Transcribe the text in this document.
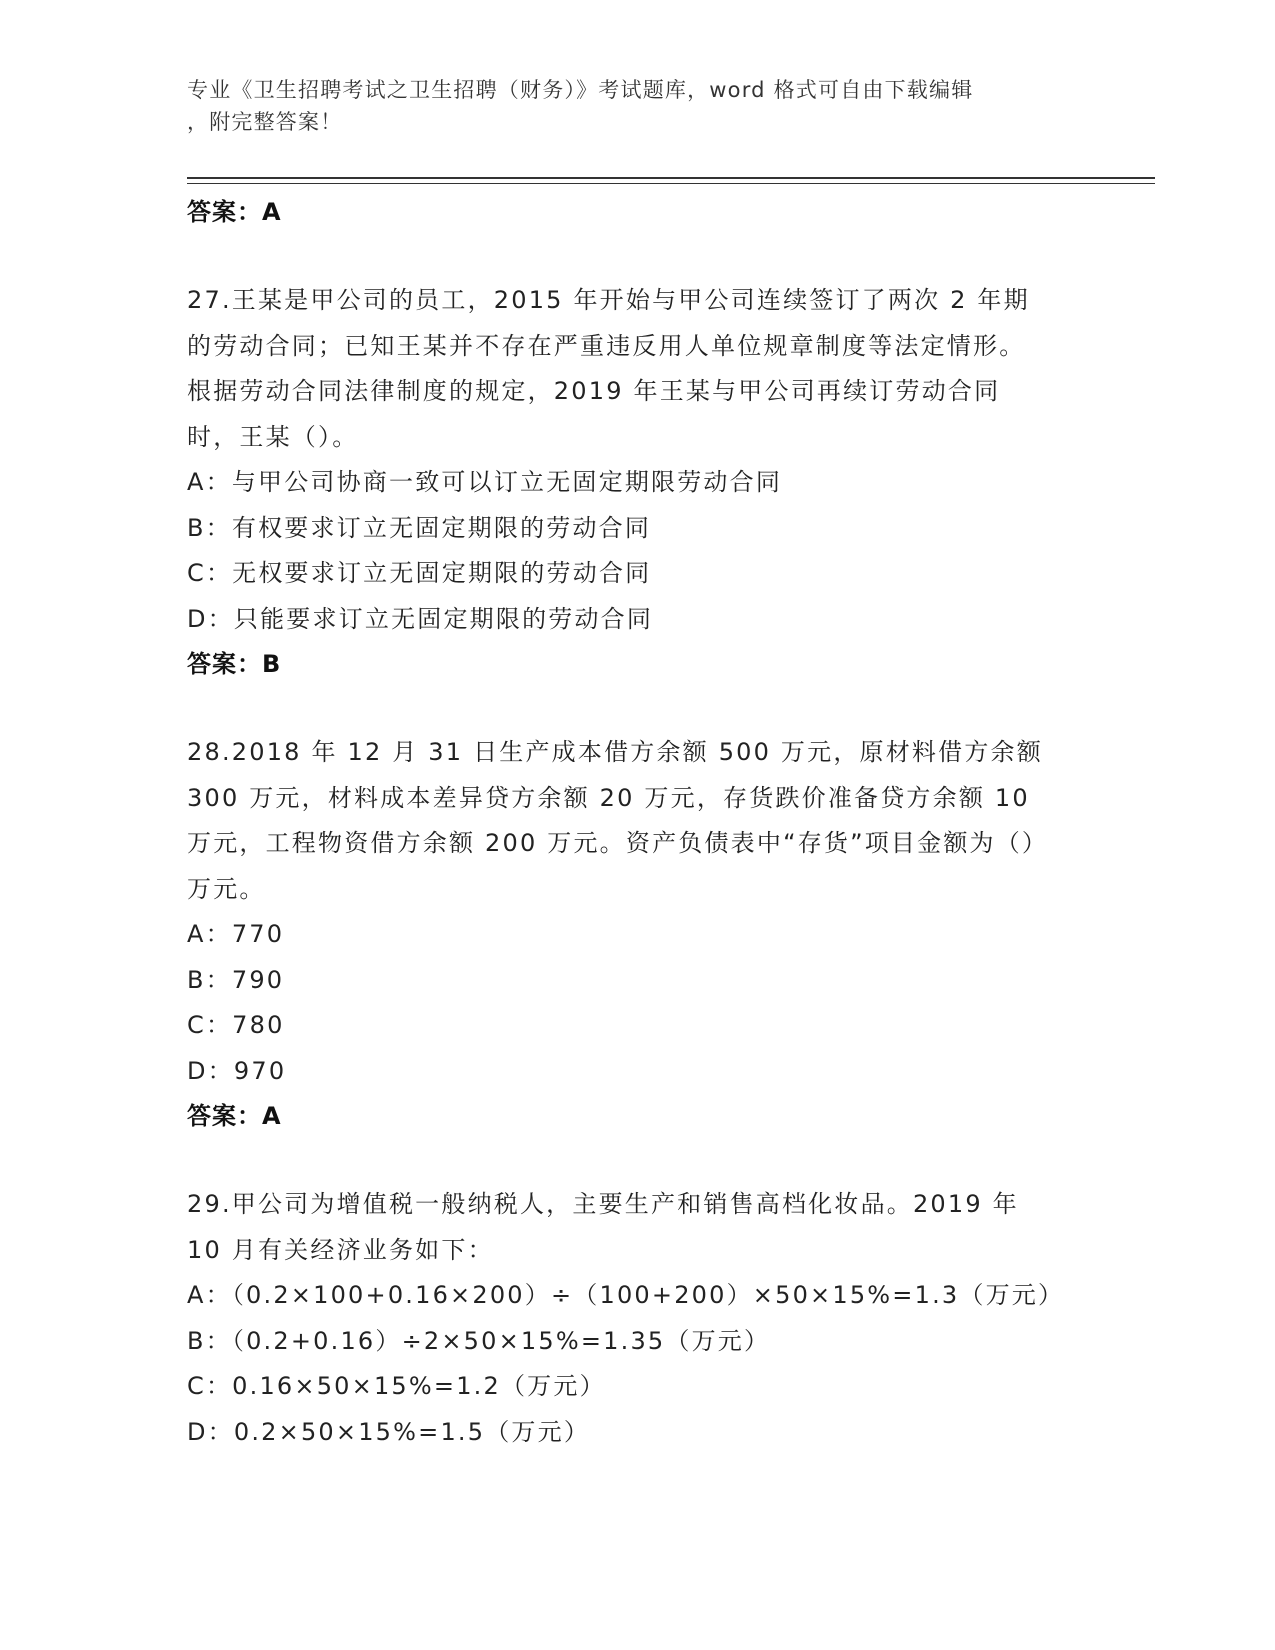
专业《卫生招聘考试之卫生招聘（财务）》考试题库，word 格式可自由下载编辑
，附完整答案！
答案：A
27.王某是甲公司的员工，2015 年开始与甲公司连续签订了两次 2 年期的劳动合同；已知王某并不存在严重违反用人单位规章制度等法定情形。根据劳动合同法律制度的规定，2019 年王某与甲公司再续订劳动合同时，王某（）。
A：与甲公司协商一致可以订立无固定期限劳动合同
B：有权要求订立无固定期限的劳动合同
C：无权要求订立无固定期限的劳动合同
D：只能要求订立无固定期限的劳动合同
答案：B
28.2018 年 12 月 31 日生产成本借方余额 500 万元，原材料借方余额 300 万元，材料成本差异贷方余额 20 万元，存货跌价准备贷方余额 10 万元，工程物资借方余额 200 万元。资产负债表中“存货”项目金额为（）万元。
A：770
B：790
C：780
D：970
答案：A
29.甲公司为增值税一般纳税人，主要生产和销售高档化妆品。2019 年 10 月有关经济业务如下：
A：（0.2×100+0.16×200）÷（100+200）×50×15%=1.3（万元）
B：（0.2+0.16）÷2×50×15%=1.35（万元）
C：0.16×50×15%=1.2（万元）
D：0.2×50×15%=1.5（万元）
